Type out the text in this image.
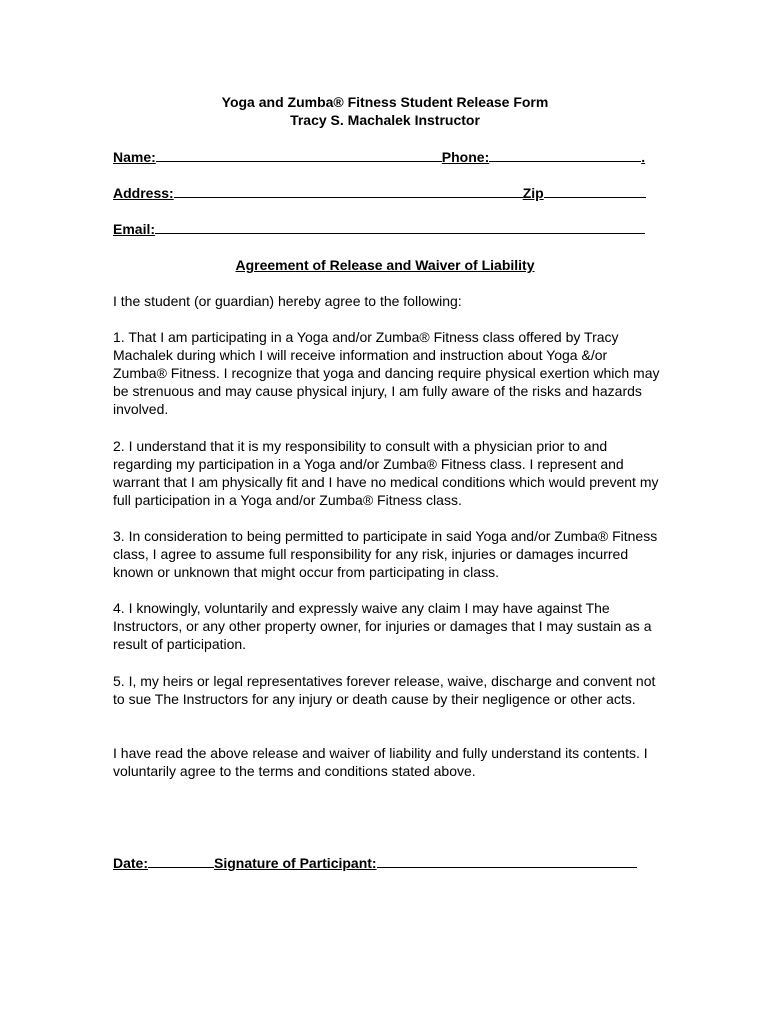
Yoga and Zumba® Fitness Student Release Form
Tracy S. Machalek Instructor
Name:	Phone:	.
Address:	Zip
Email:
Agreement of Release and Waiver of Liability

I the student (or guardian) hereby agree to the following:

1. That I am participating in a Yoga and/or Zumba® Fitness class offered by Tracy Machalek during which I will receive information and instruction about Yoga &/or Zumba® Fitness. I recognize that yoga and dancing require physical exertion which may be strenuous and may cause physical injury, I am fully aware of the risks and hazards involved.

2. I understand that it is my responsibility to consult with a physician prior to and regarding my participation in a Yoga and/or Zumba® Fitness class. I represent and warrant that I am physically fit and I have no medical conditions which would prevent my full participation in a Yoga and/or Zumba® Fitness class.

3. In consideration to being permitted to participate in said Yoga and/or Zumba® Fitness class, I agree to assume full responsibility for any risk, injuries or damages incurred known or unknown that might occur from participating in class.

4. I knowingly, voluntarily and expressly waive any claim I may have against The Instructors, or any other property owner, for injuries or damages that I may sustain as a result of participation.

5. I, my heirs or legal representatives forever release, waive, discharge and convent not to sue The Instructors for any injury or death cause by their negligence or other acts.

I have read the above release and waiver of liability and fully understand its contents. I voluntarily agree to the terms and conditions stated above.

Date:	Signature of Participant:
